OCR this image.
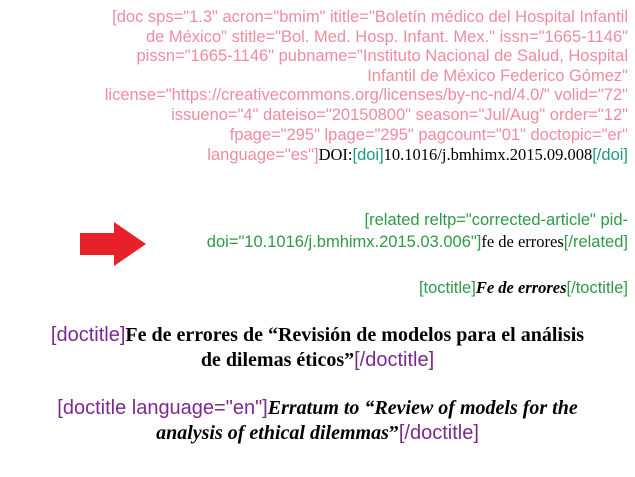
[doc sps="1.3" acron="bmim" ititle="Boletín médico del Hospital Infantil
de México" stitle="Bol. Med. Hosp. Infant. Mex." issn="1665-1146"
pissn="1665-1146" pubname="Instituto Nacional de Salud, Hospital
Infantil de México Federico Gómez"
license="https://creativecommons.org/licenses/by-nc-nd/4.0/" volid="72"
issueno="4" dateiso="20150800" season="Jul/Aug" order="12"
fpage="295" lpage="295" pagcount="01" doctopic="er"
language="es"]DOI:[doi]10.1016/j.bmhimx.2015.09.008[/doi]
[related reltp="corrected-article" pid-
doi="10.1016/j.bmhimx.2015.03.006"]fe de errores[/related]
[toctitle]Fe de errores[/toctitle]
[doctitle]Fe de errores de “Revisión de modelos para el análisis
de dilemas éticos”[/doctitle]
[doctitle language="en"]Erratum to “Review of models for the
analysis of ethical dilemmas”[/doctitle]
